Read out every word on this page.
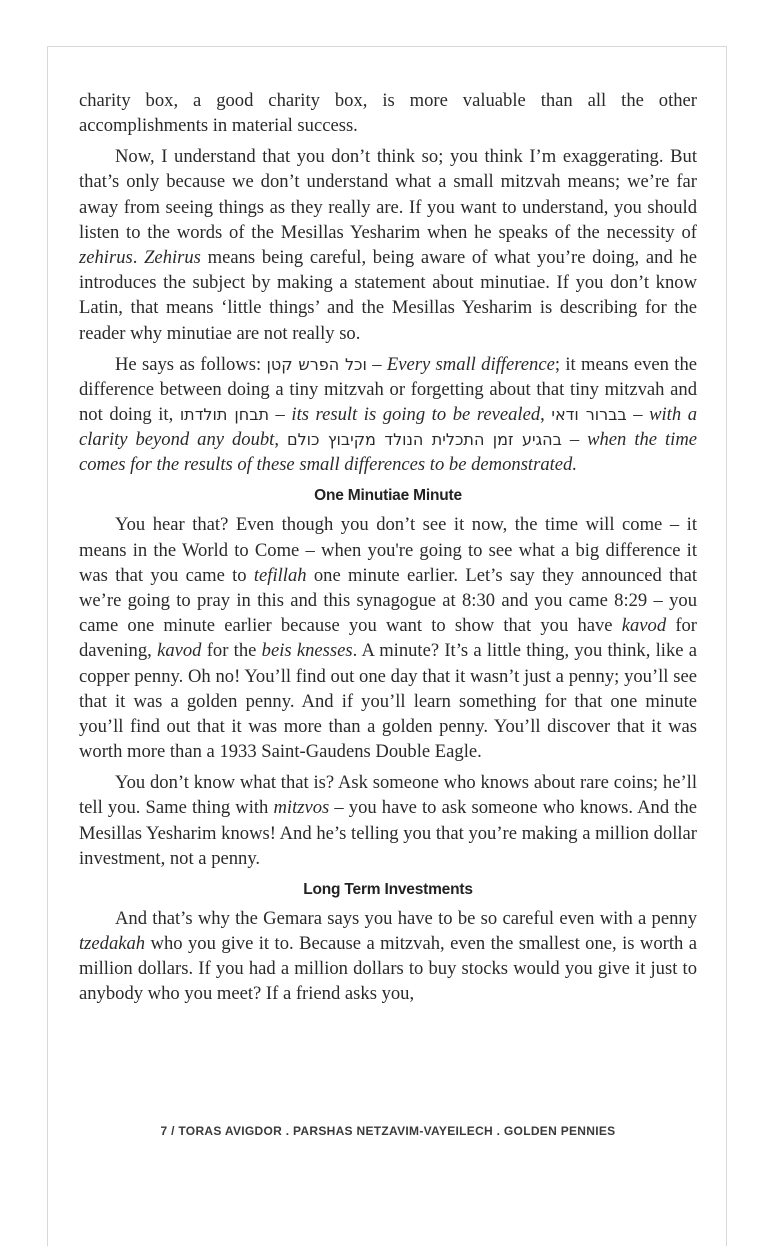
charity box, a good charity box, is more valuable than all the other accomplishments in material success.

Now, I understand that you don’t think so; you think I’m exaggerating. But that’s only because we don’t understand what a small mitzvah means; we’re far away from seeing things as they really are. If you want to understand, you should listen to the words of the Mesillas Yesharim when he speaks of the necessity of zehirus. Zehirus means being careful, being aware of what you’re doing, and he introduces the subject by making a statement about minutiae. If you don’t know Latin, that means ‘little things’ and the Mesillas Yesharim is describing for the reader why minutiae are not really so.

He says as follows: וכל הפרש קטן – Every small difference; it means even the difference between doing a tiny mitzvah or forgetting about that tiny mitzvah and not doing it, תבחן תולדתו – its result is going to be revealed, בברור ודאי – with a clarity beyond any doubt, בהגיע זמן התכלית הנולד מקיבוץ כולם – when the time comes for the results of these small differences to be demonstrated.

One Minutiae Minute

You hear that? Even though you don’t see it now, the time will come – it means in the World to Come – when you're going to see what a big difference it was that you came to tefillah one minute earlier. Let’s say they announced that we’re going to pray in this and this synagogue at 8:30 and you came 8:29 – you came one minute earlier because you want to show that you have kavod for davening, kavod for the beis knesses. A minute? It’s a little thing, you think, like a copper penny. Oh no! You’ll find out one day that it wasn’t just a penny; you’ll see that it was a golden penny. And if you’ll learn something for that one minute you’ll find out that it was more than a golden penny. You’ll discover that it was worth more than a 1933 Saint-Gaudens Double Eagle.

You don’t know what that is? Ask someone who knows about rare coins; he’ll tell you. Same thing with mitzvos – you have to ask someone who knows. And the Mesillas Yesharim knows! And he’s telling you that you’re making a million dollar investment, not a penny.

Long Term Investments

And that’s why the Gemara says you have to be so careful even with a penny tzedakah who you give it to. Because a mitzvah, even the smallest one, is worth a million dollars. If you had a million dollars to buy stocks would you give it just to anybody who you meet? If a friend asks you,

7 / TORAS AVIGDOR . PARSHAS NETZAVIM-VAYEILECH . GOLDEN PENNIES
